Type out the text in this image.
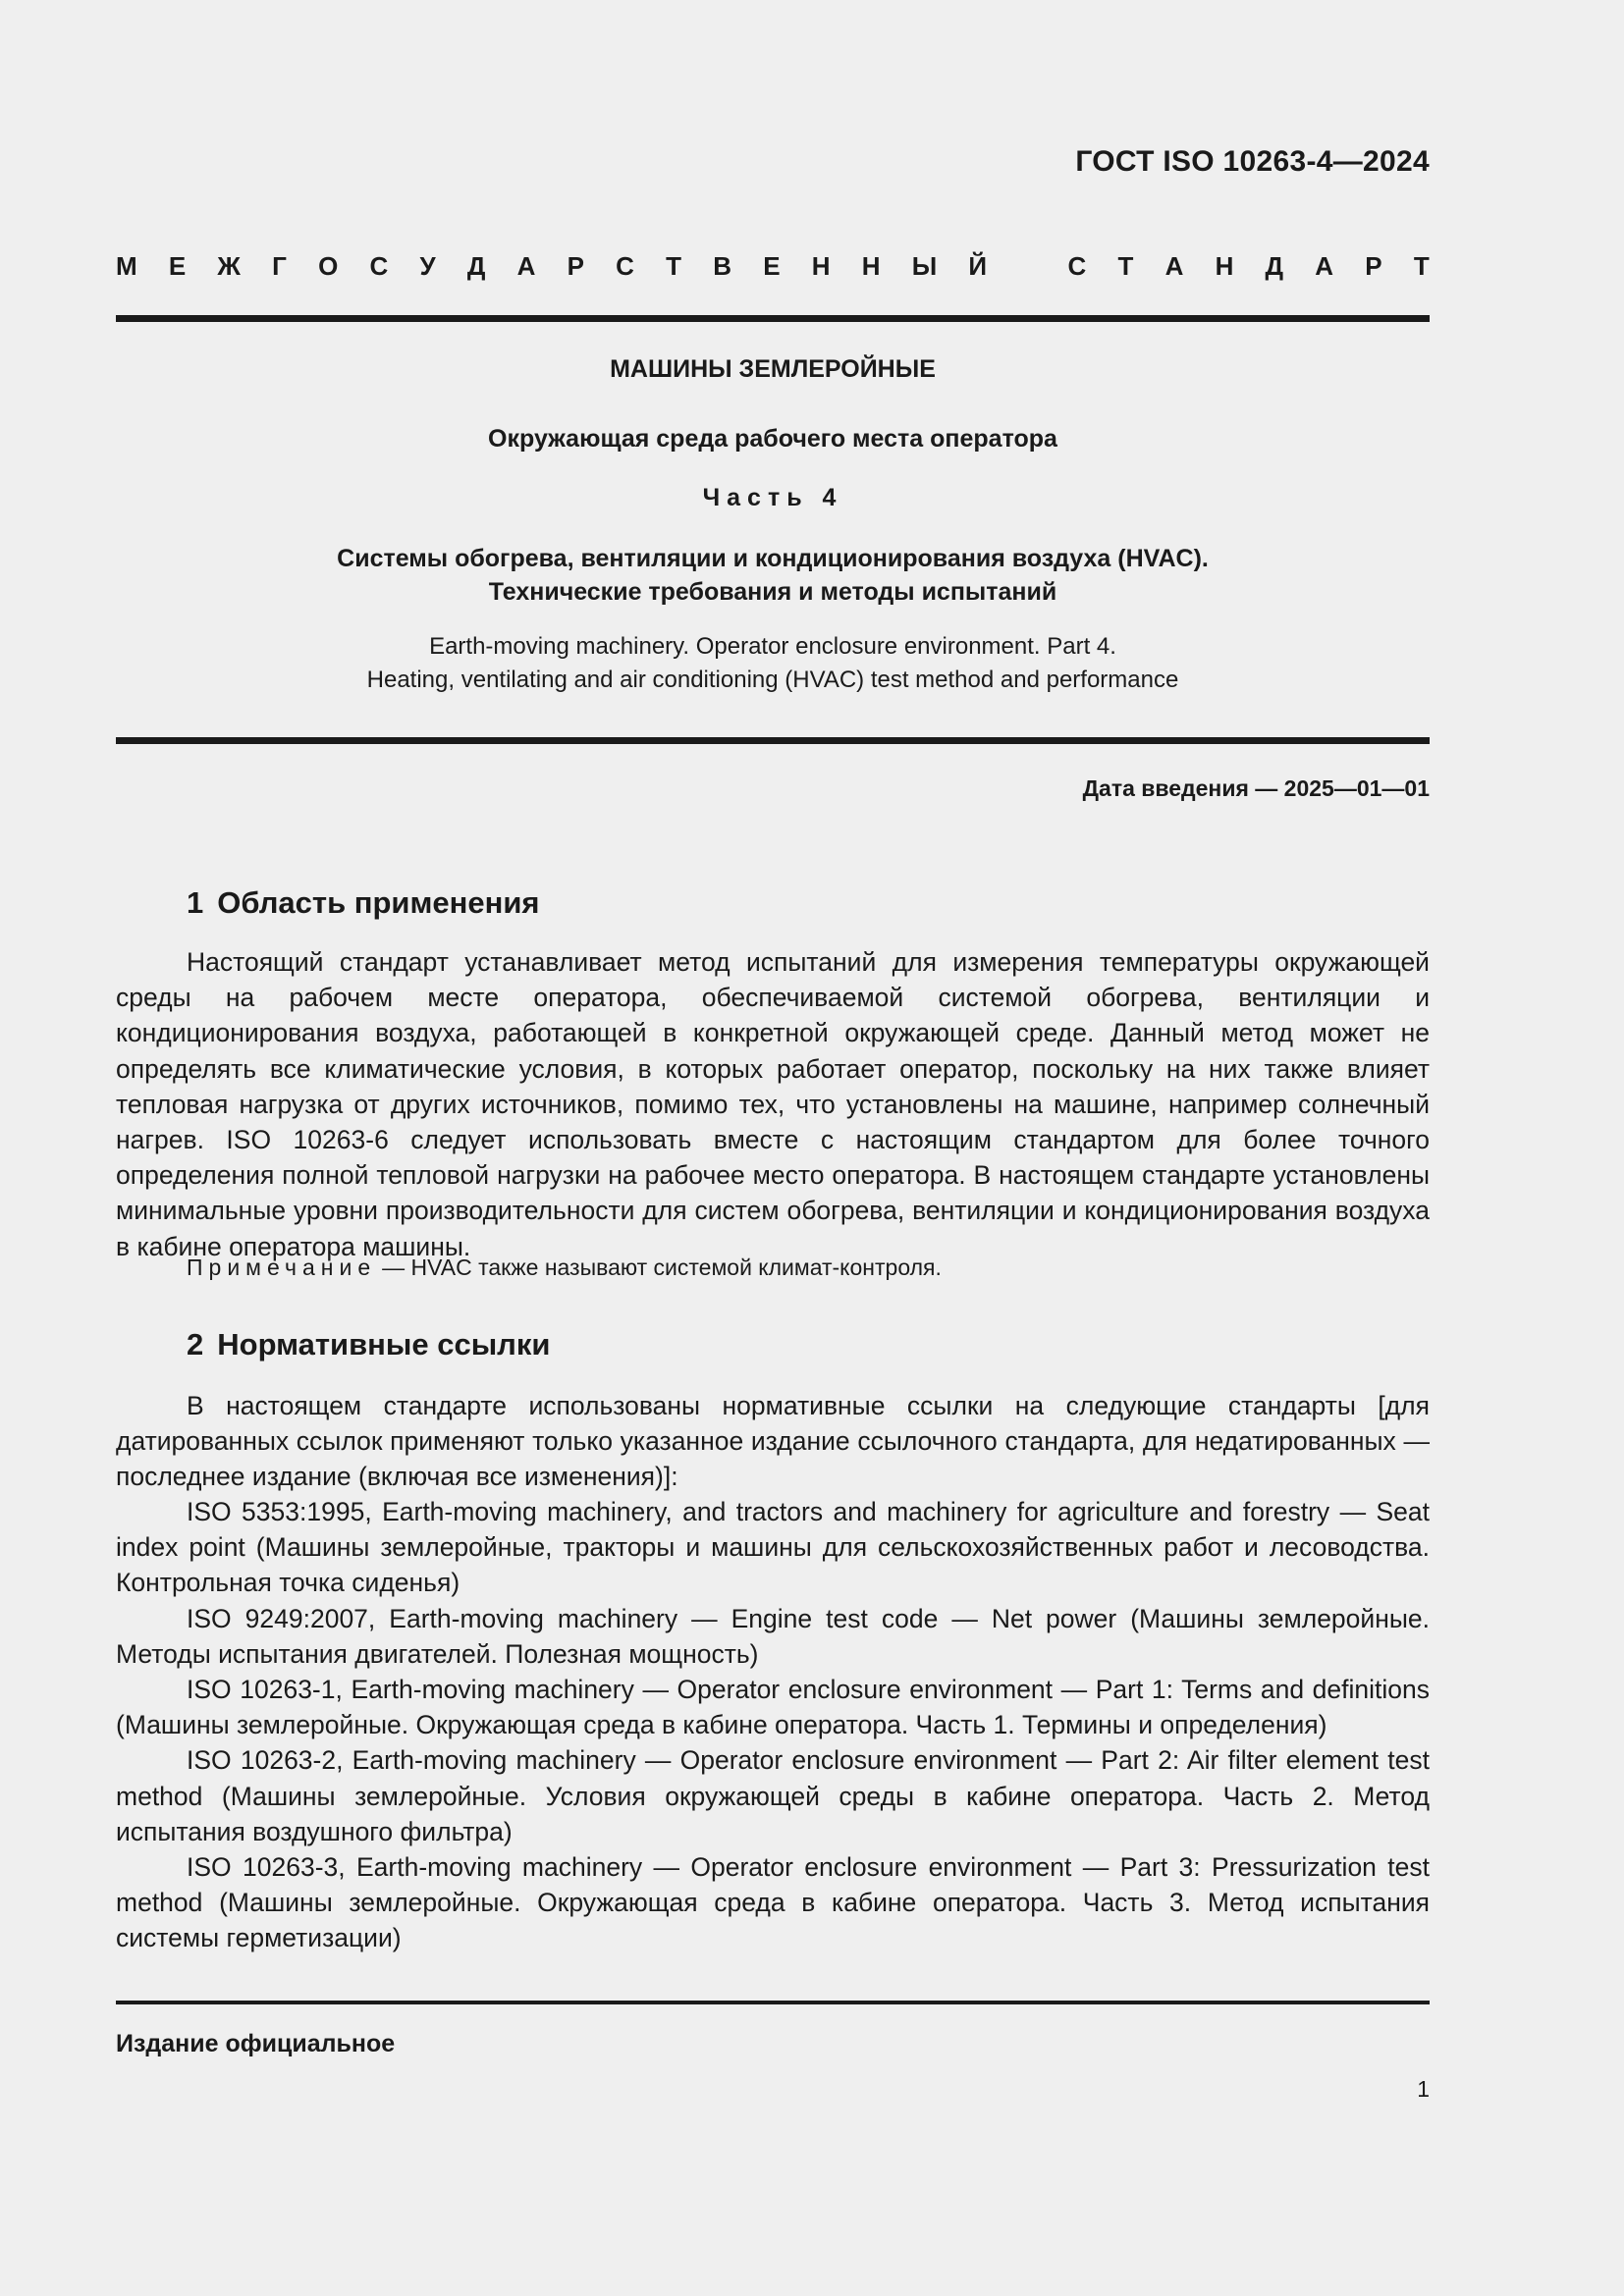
ГОСТ ISO 10263-4—2024
М Е Ж Г О С У Д А Р С Т В Е Н Н Ы Й	С Т А Н Д А Р Т
МАШИНЫ ЗЕМЛЕРОЙНЫЕ
Окружающая среда рабочего места оператора
Часть 4
Системы обогрева, вентиляции и кондиционирования воздуха (HVAC).
Технические требования и методы испытаний
Earth-moving machinery. Operator enclosure environment. Part 4.
Heating, ventilating and air conditioning (HVAC) test method and performance
Дата введения — 2025—01—01
1 Область применения

Настоящий стандарт устанавливает метод испытаний для измерения температуры окружающей среды на рабочем месте оператора, обеспечиваемой системой обогрева, вентиляции и кондиционирования воздуха, работающей в конкретной окружающей среде. Данный метод может не определять все климатические условия, в которых работает оператор, поскольку на них также влияет тепловая нагрузка от других источников, помимо тех, что установлены на машине, например солнечный нагрев. ISO 10263-6 следует использовать вместе с настоящим стандартом для более точного определения полной тепловой нагрузки на рабочее место оператора. В настоящем стандарте установлены минимальные уровни производительности для систем обогрева, вентиляции и кондиционирования воздуха в кабине оператора машины.

Примечание — HVAC также называют системой климат-контроля.
2 Нормативные ссылки

В настоящем стандарте использованы нормативные ссылки на следующие стандарты [для датированных ссылок применяют только указанное издание ссылочного стандарта, для недатированных — последнее издание (включая все изменения)]:

ISO 5353:1995, Earth-moving machinery, and tractors and machinery for agriculture and forestry — Seat index point (Машины землеройные, тракторы и машины для сельскохозяйственных работ и лесоводства. Контрольная точка сиденья)

ISO 9249:2007, Earth-moving machinery — Engine test code — Net power (Машины землеройные. Методы испытания двигателей. Полезная мощность)

ISO 10263-1, Earth-moving machinery — Operator enclosure environment — Part 1: Terms and definitions (Машины землеройные. Окружающая среда в кабине оператора. Часть 1. Термины и определения)

ISO 10263-2, Earth-moving machinery — Operator enclosure environment — Part 2: Air filter element test method (Машины землеройные. Условия окружающей среды в кабине оператора. Часть 2. Метод испытания воздушного фильтра)

ISO 10263-3, Earth-moving machinery — Operator enclosure environment — Part 3: Pressurization test method (Машины землеройные. Окружающая среда в кабине оператора. Часть 3. Метод испытания системы герметизации)

Издание официальное
1
